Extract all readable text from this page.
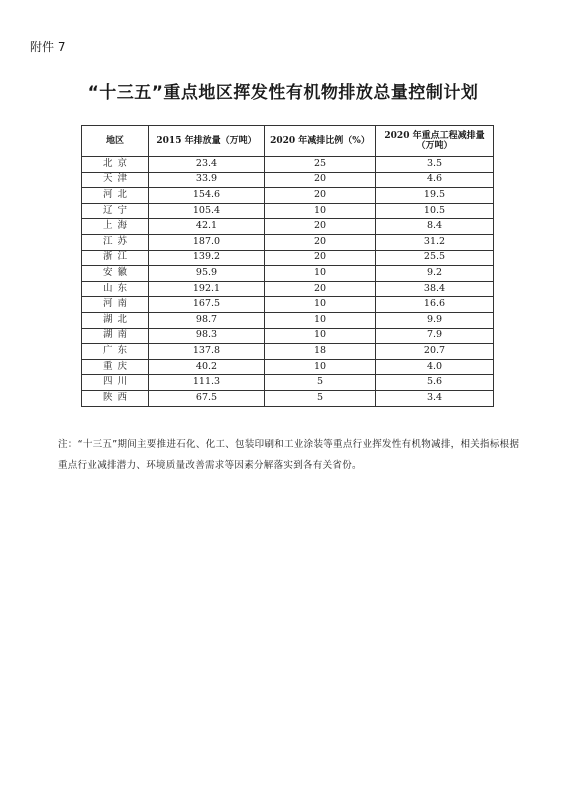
附件 7
“十三五”重点地区挥发性有机物排放总量控制计划
地区	2015 年排放量（万吨）	2020 年减排比例（%）	2020 年重点工程减排量（万吨）
北京	23.4	25	3.5
天津	33.9	20	4.6
河北	154.6	20	19.5
辽宁	105.4	10	10.5
上海	42.1	20	8.4
江苏	187.0	20	31.2
浙江	139.2	20	25.5
安徽	95.9	10	9.2
山东	192.1	20	38.4
河南	167.5	10	16.6
湖北	98.7	10	9.9
湖南	98.3	10	7.9
广东	137.8	18	20.7
重庆	40.2	10	4.0
四川	111.3	5	5.6
陕西	67.5	5	3.4
注：“十三五”期间主要推进石化、化工、包装印刷和工业涂装等重点行业挥发性有机物减排，相关指标根据
重点行业减排潜力、环境质量改善需求等因素分解落实到各有关省份。
